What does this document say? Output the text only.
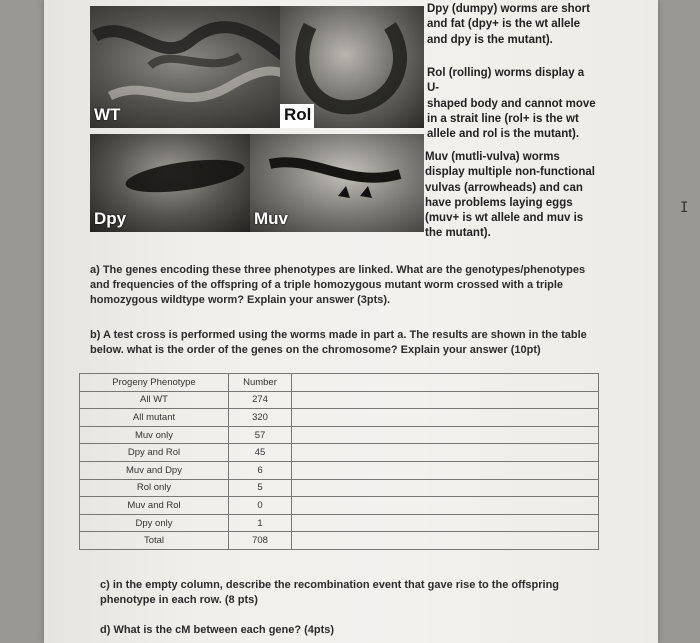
WT	Rol
Dpy	Muv
Dpy (dumpy) worms are short
and fat (dpy+ is the wt allele
and dpy is the mutant).
Rol (rolling) worms display a U-
shaped body and cannot move
in a strait line (rol+ is the wt
allele and rol is the mutant).
Muv (mutli-vulva) worms
display multiple non-functional
vulvas (arrowheads) and can
have problems laying eggs
(muv+ is wt allele and muv is
the mutant).
a) The genes encoding these three phenotypes are linked. What are the genotypes/phenotypes and frequencies of the offspring of a triple homozygous mutant worm crossed with a triple homozygous wildtype worm? Explain your answer (3pts).
b) A test cross is performed using the worms made in part a. The results are shown in the table below. what is the order of the genes on the chromosome? Explain your answer (10pt)
Progeny Phenotype	Number	
All WT	274	
All mutant	320	
Muv only	57	
Dpy and Rol	45	
Muv and Dpy	6	
Rol only	5	
Muv and Rol	0	
Dpy only	1	
Total	708	
c) in the empty column, describe the recombination event that gave rise to the offspring phenotype in each row. (8 pts)
d) What is the cM between each gene? (4pts)
I
